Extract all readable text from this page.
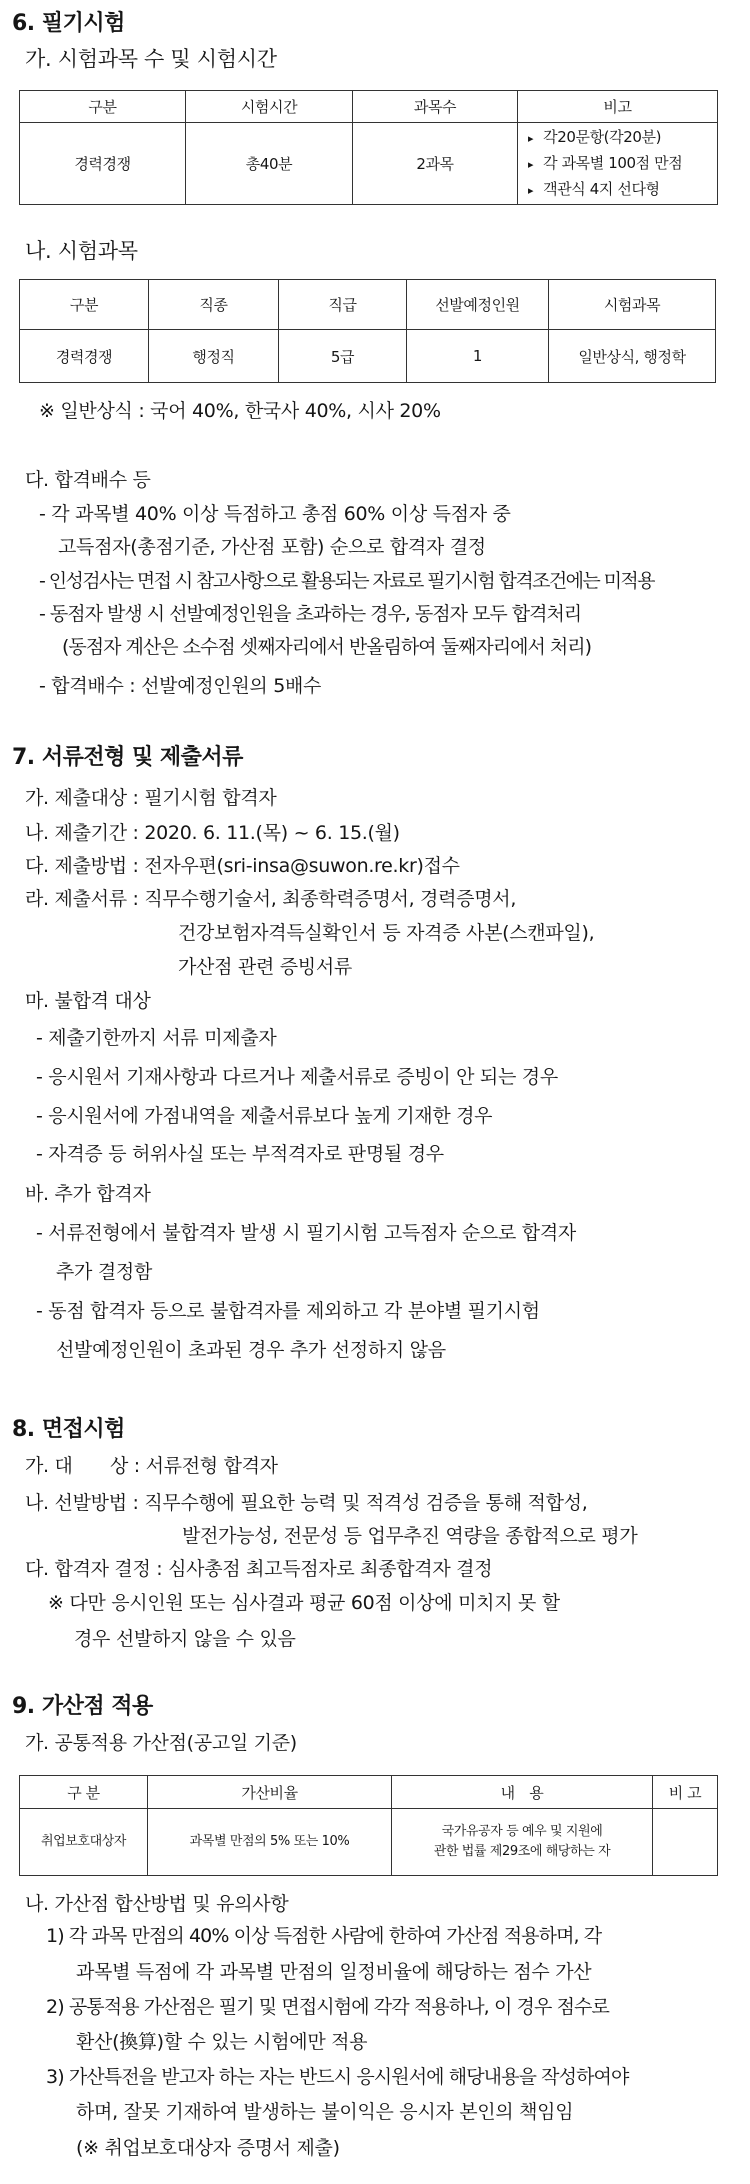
6. 필기시험
가. 시험과목 수 및 시험시간
구분	시험시간	과목수	비고
경력경쟁	총40분	2과목	▸ 각20문항(각20분)
▸ 각 과목별 100점 만점
▸ 객관식 4지 선다형
나. 시험과목
구분	직종	직급	선발예정인원	시험과목
경력경쟁	행정직	5급	1	일반상식, 행정학
※ 일반상식 : 국어 40%, 한국사 40%, 시사 20%
다. 합격배수 등
- 각 과목별 40% 이상 득점하고 총점 60% 이상 득점자 중
고득점자(총점기준, 가산점 포함) 순으로 합격자 결정
- 인성검사는 면접 시 참고사항으로 활용되는 자료로 필기시험 합격조건에는 미적용
- 동점자 발생 시 선발예정인원을 초과하는 경우, 동점자 모두 합격처리
(동점자 계산은 소수점 셋째자리에서 반올림하여 둘째자리에서 처리)
- 합격배수 : 선발예정인원의 5배수
7. 서류전형 및 제출서류
가. 제출대상 : 필기시험 합격자
나. 제출기간 : 2020. 6. 11.(목) ~ 6. 15.(월)
다. 제출방법 : 전자우편(sri-insa@suwon.re.kr)접수
라. 제출서류 : 직무수행기술서, 최종학력증명서, 경력증명서,
건강보험자격득실확인서 등 자격증 사본(스캔파일),
가산점 관련 증빙서류
마. 불합격 대상
- 제출기한까지 서류 미제출자
- 응시원서 기재사항과 다르거나 제출서류로 증빙이 안 되는 경우
- 응시원서에 가점내역을 제출서류보다 높게 기재한 경우
- 자격증 등 허위사실 또는 부적격자로 판명될 경우
바. 추가 합격자
- 서류전형에서 불합격자 발생 시 필기시험 고득점자 순으로 합격자
추가 결정함
- 동점 합격자 등으로 불합격자를 제외하고 각 분야별 필기시험
선발예정인원이 초과된 경우 추가 선정하지 않음
8. 면접시험
가. 대　　상 : 서류전형 합격자
나. 선발방법 : 직무수행에 필요한 능력 및 적격성 검증을 통해 적합성,
발전가능성, 전문성 등 업무추진 역량을 종합적으로 평가
다. 합격자 결정 : 심사총점 최고득점자로 최종합격자 결정
※ 다만 응시인원 또는 심사결과 평균 60점 이상에 미치지 못 할
경우 선발하지 않을 수 있음
9. 가산점 적용
가. 공통적용 가산점(공고일 기준)
구 분	가산비율	내　용	비 고
취업보호대상자	과목별 만점의 5% 또는 10%	국가유공자 등 예우 및 지원에
관한 법률 제29조에 해당하는 자	

나. 가산점 합산방법 및 유의사항
1) 각 과목 만점의 40% 이상 득점한 사람에 한하여 가산점 적용하며, 각
과목별 득점에 각 과목별 만점의 일정비율에 해당하는 점수 가산
2) 공통적용 가산점은 필기 및 면접시험에 각각 적용하나, 이 경우 점수로
환산(換算)할 수 있는 시험에만 적용
3) 가산특전을 받고자 하는 자는 반드시 응시원서에 해당내용을 작성하여야
하며, 잘못 기재하여 발생하는 불이익은 응시자 본인의 책임임
(※ 취업보호대상자 증명서 제출)
